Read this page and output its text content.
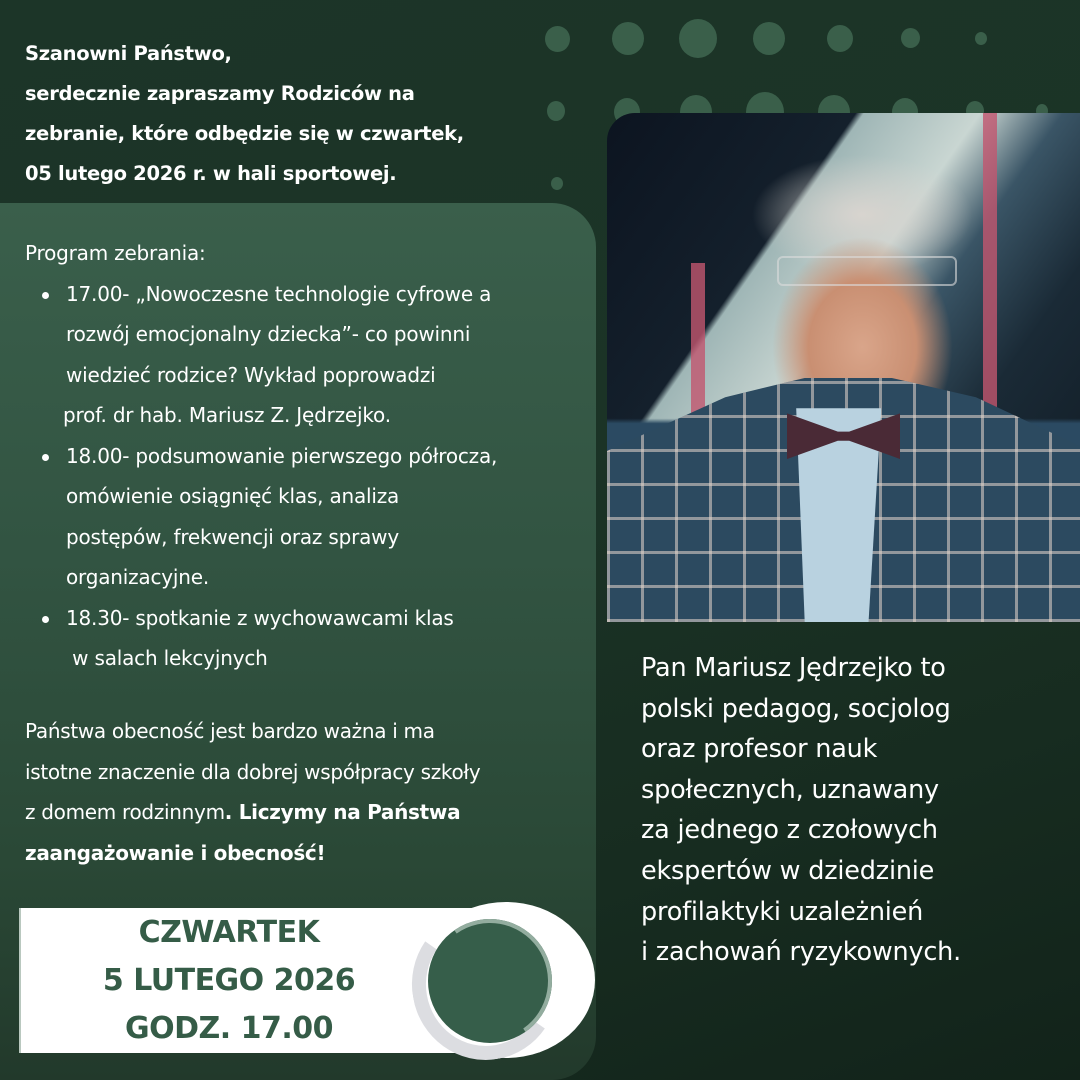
Szanowni Państwo,
serdecznie zapraszamy Rodziców na
zebranie, które odbędzie się w czwartek,
05 lutego 2026 r. w hali sportowej.
Program zebrania:
17.00- „Nowoczesne technologie cyfrowe a
rozwój emocjonalny dziecka”- co powinni
wiedzieć rodzice? Wykład poprowadzi
prof. dr hab. Mariusz Z. Jędrzejko.
18.00- podsumowanie pierwszego półrocza,
omówienie osiągnięć klas, analiza
postępów, frekwencji oraz sprawy
organizacyjne.
18.30- spotkanie z wychowawcami klas
w salach lekcyjnych
Państwa obecność jest bardzo ważna i ma
istotne znaczenie dla dobrej współpracy szkoły
z domem rodzinnym. Liczymy na Państwa
zaangażowanie i obecność!
CZWARTEK
5 LUTEGO 2026
GODZ. 17.00
Pan Mariusz Jędrzejko to
polski pedagog, socjolog
oraz profesor nauk
społecznych, uznawany
za jednego z czołowych
ekspertów w dziedzinie
profilaktyki uzależnień
i zachowań ryzykownych.
